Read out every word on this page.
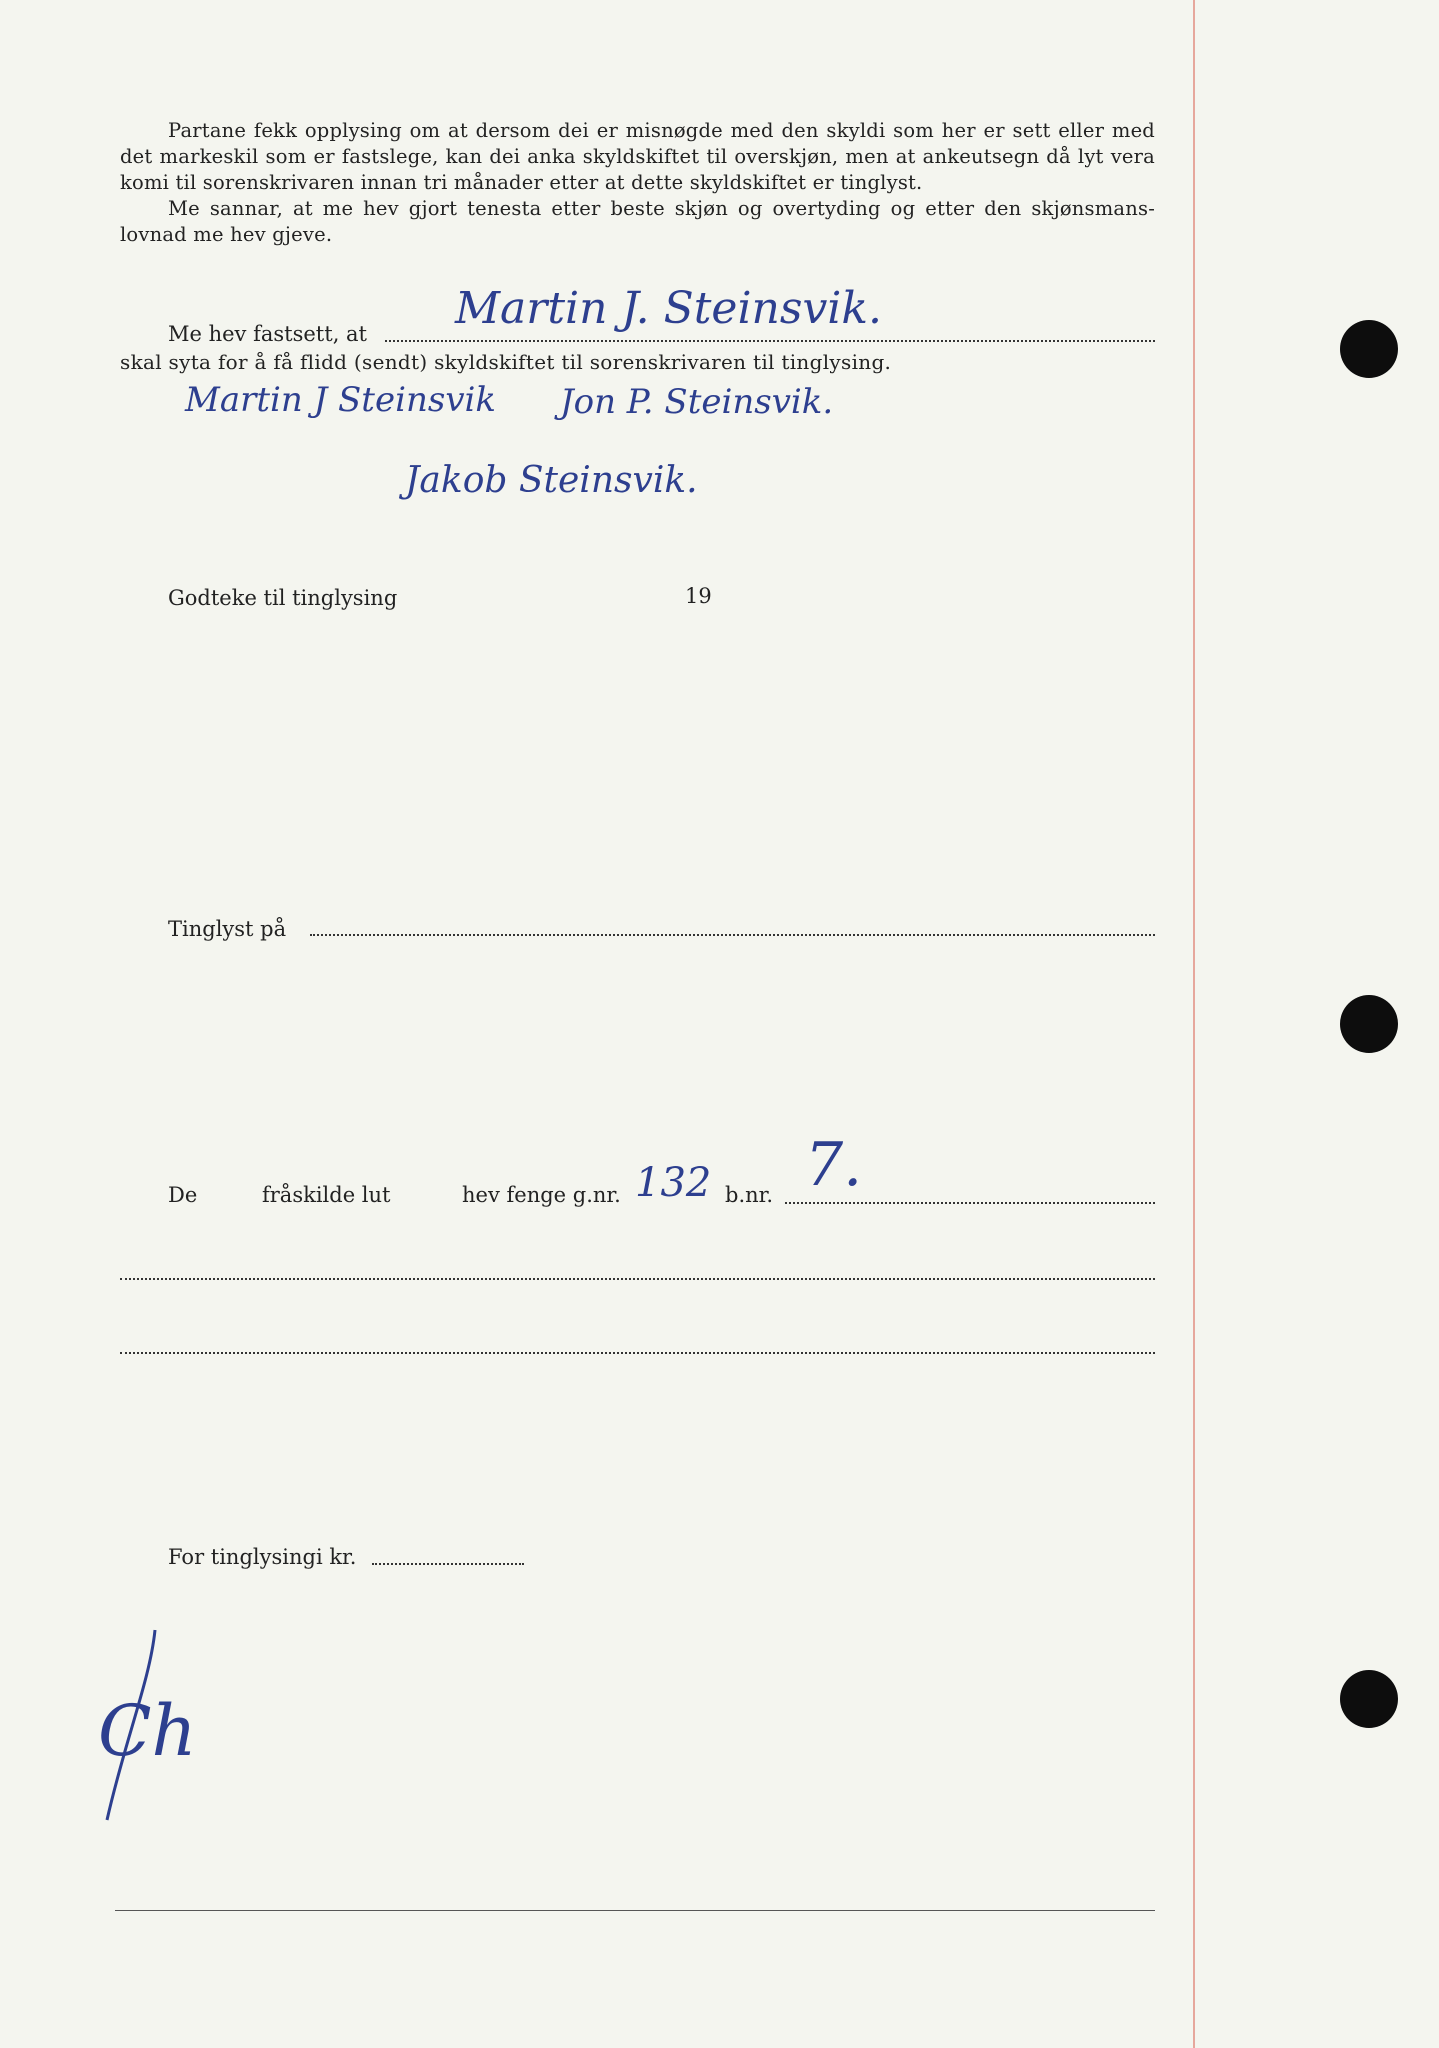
Partane fekk opplysing om at dersom dei er misnøgde med den skyldi som her er sett eller med det markeskil som er fastslege, kan dei anka skyldskiftet til overskjøn, men at ankeutsegn då lyt vera komi til sorenskrivaren innan tri månader etter at dette skyldskiftet er tinglyst.

Me sannar, at me hev gjort tenesta etter beste skjøn og overtyding og etter den skjønsmans-lovnad me hev gjeve.

Me hev fastsett, at Martin J. Steinsvik.
skal syta for å få flidd (sendt) skyldskiftet til sorenskrivaren til tinglysing.
Martin J Steinsvik Jon P. Steinsvik.
Jakob Steinsvik.
Godteke til tinglysing	19
Tinglyst på
De	fråskilde lut	hev fenge g.nr. 132 b.nr. 7.
For tinglysingi kr.
Ch
